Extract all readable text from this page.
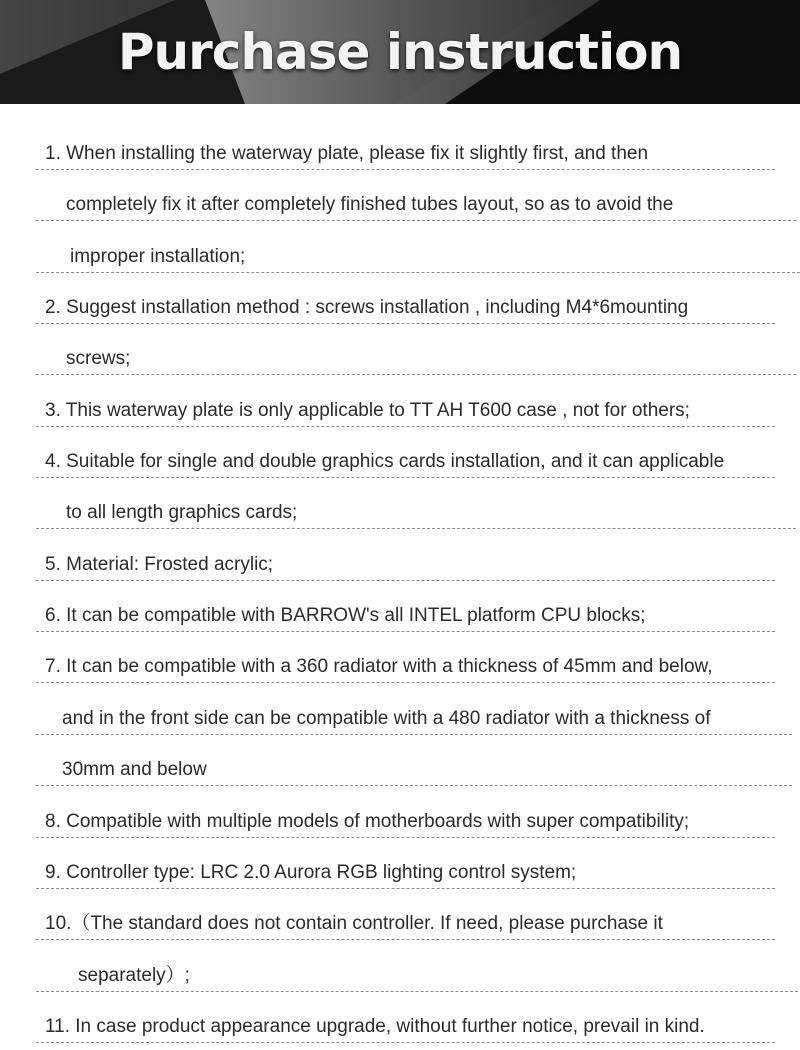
Purchase instruction
1. When installing the waterway plate, please fix it slightly first, and then
completely fix it after completely finished tubes layout, so as to avoid the
improper installation;
2. Suggest installation method : screws installation , including M4*6mounting
screws;
3. This waterway plate is only applicable to TT AH T600 case , not for others;
4. Suitable for single and double graphics cards installation, and it can applicable
to all length graphics cards;
5. Material: Frosted acrylic;
6. It can be compatible with BARROW's all INTEL platform CPU blocks;
7. It can be compatible with a 360 radiator with a thickness of 45mm and below,
and in the front side can be compatible with a 480 radiator with a thickness of
30mm and below
8. Compatible with multiple models of motherboards with super compatibility;
9. Controller type: LRC 2.0 Aurora RGB lighting control system;
10.（The standard does not contain controller. If need, please purchase it
separately）;
11. In case product appearance upgrade, without further notice, prevail in kind.
